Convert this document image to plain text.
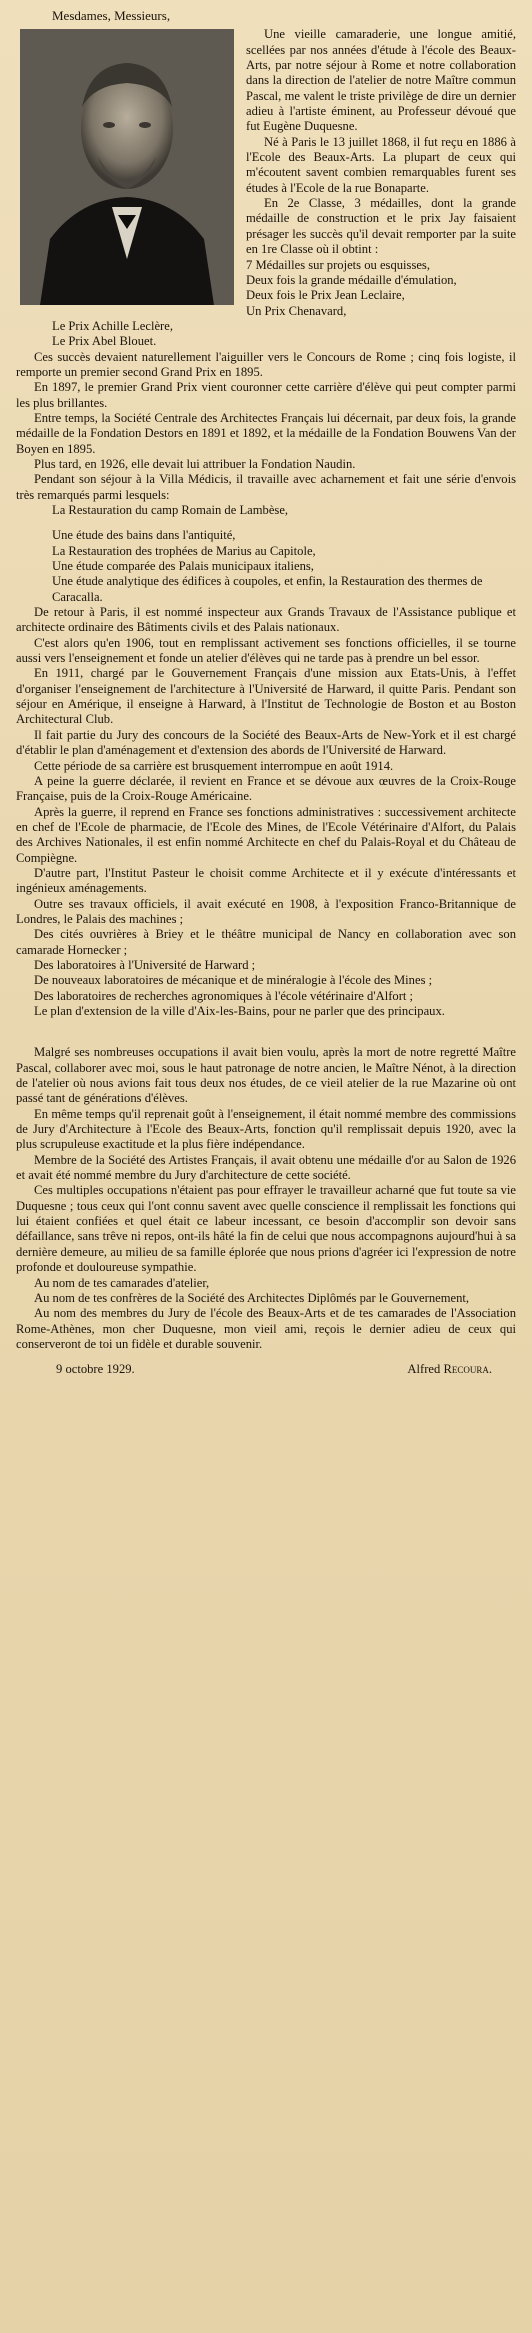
Mesdames, Messieurs,

Une vieille camaraderie, une longue amitié, scellées par nos années d'étude à l'école des Beaux-Arts, par notre séjour à Rome et notre collaboration dans la direction de l'atelier de notre Maître commun Pascal, me valent le triste privilège de dire un dernier adieu à l'artiste éminent, au Professeur dévoué que fut Eugène Duquesne.

Né à Paris le 13 juillet 1868, il fut reçu en 1886 à l'Ecole des Beaux-Arts. La plupart de ceux qui m'écoutent savent combien remarquables furent ses études à l'Ecole de la rue Bonaparte.

En 2e Classe, 3 médailles, dont la grande médaille de construction et le prix Jay faisaient présager les succès qu'il devait remporter par la suite en 1re Classe où il obtint :

7 Médailles sur projets ou esquisses,
Deux fois la grande médaille d'émulation,
Deux fois le Prix Jean Leclaire,
Un Prix Chenavard,
Le Prix Achille Leclère,
Le Prix Abel Blouet.

Ces succès devaient naturellement l'aiguiller vers le Concours de Rome ; cinq fois logiste, il remporte un premier second Grand Prix en 1895.

En 1897, le premier Grand Prix vient couronner cette carrière d'élève qui peut compter parmi les plus brillantes.

Entre temps, la Société Centrale des Architectes Français lui décernait, par deux fois, la grande médaille de la Fondation Destors en 1891 et 1892, et la médaille de la Fondation Bouwens Van der Boyen en 1895.

Plus tard, en 1926, elle devait lui attribuer la Fondation Naudin.

Pendant son séjour à la Villa Médicis, il travaille avec acharnement et fait une série d'envois très remarqués parmi lesquels:

La Restauration du camp Romain de Lambèse,
Une étude des bains dans l'antiquité,
La Restauration des trophées de Marius au Capitole,
Une étude comparée des Palais municipaux italiens,
Une étude analytique des édifices à coupoles, et enfin, la Restauration des thermes de Caracalla.

De retour à Paris, il est nommé inspecteur aux Grands Travaux de l'Assistance publique et architecte ordinaire des Bâtiments civils et des Palais nationaux.

C'est alors qu'en 1906, tout en remplissant activement ses fonctions officielles, il se tourne aussi vers l'enseignement et fonde un atelier d'élèves qui ne tarde pas à prendre un bel essor.

En 1911, chargé par le Gouvernement Français d'une mission aux Etats-Unis, à l'effet d'organiser l'enseignement de l'architecture à l'Université de Harward, il quitte Paris. Pendant son séjour en Amérique, il enseigne à Harward, à l'Institut de Technologie de Boston et au Boston Architectural Club.

Il fait partie du Jury des concours de la Société des Beaux-Arts de New-York et il est chargé d'établir le plan d'aménagement et d'extension des abords de l'Université de Harward.

Cette période de sa carrière est brusquement interrompue en août 1914.

A peine la guerre déclarée, il revient en France et se dévoue aux œuvres de la Croix-Rouge Française, puis de la Croix-Rouge Américaine.

Après la guerre, il reprend en France ses fonctions administratives : successivement architecte en chef de l'Ecole de pharmacie, de l'Ecole des Mines, de l'Ecole Vétérinaire d'Alfort, du Palais des Archives Nationales, il est enfin nommé Architecte en chef du Palais-Royal et du Château de Compiègne.

D'autre part, l'Institut Pasteur le choisit comme Architecte et il y exécute d'intéressants et ingénieux aménagements.

Outre ses travaux officiels, il avait exécuté en 1908, à l'exposition Franco-Britannique de Londres, le Palais des machines ;

Des cités ouvrières à Briey et le théâtre municipal de Nancy en collaboration avec son camarade Hornecker ;

Des laboratoires à l'Université de Harward ;

De nouveaux laboratoires de mécanique et de minéralogie à l'école des Mines ;

Des laboratoires de recherches agronomiques à l'école vétérinaire d'Alfort ;

Le plan d'extension de la ville d'Aix-les-Bains, pour ne parler que des principaux.

Malgré ses nombreuses occupations il avait bien voulu, après la mort de notre regretté Maître Pascal, collaborer avec moi, sous le haut patronage de notre ancien, le Maître Nénot, à la direction de l'atelier où nous avions fait tous deux nos études, de ce vieil atelier de la rue Mazarine où ont passé tant de générations d'élèves.

En même temps qu'il reprenait goût à l'enseignement, il était nommé membre des commissions de Jury d'Architecture à l'Ecole des Beaux-Arts, fonction qu'il remplissait depuis 1920, avec la plus scrupuleuse exactitude et la plus fière indépendance.

Membre de la Société des Artistes Français, il avait obtenu une médaille d'or au Salon de 1926 et avait été nommé membre du Jury d'architecture de cette société.

Ces multiples occupations n'étaient pas pour effrayer le travailleur acharné que fut toute sa vie Duquesne ; tous ceux qui l'ont connu savent avec quelle conscience il remplissait les fonctions qui lui étaient confiées et quel était ce labeur incessant, ce besoin d'accomplir son devoir sans défaillance, sans trêve ni repos, ont-ils hâté la fin de celui que nous accompagnons aujourd'hui à sa dernière demeure, au milieu de sa famille éplorée que nous prions d'agréer ici l'expression de notre profonde et douloureuse sympathie.

Au nom de tes camarades d'atelier,

Au nom de tes confrères de la Société des Architectes Diplômés par le Gouvernement,

Au nom des membres du Jury de l'école des Beaux-Arts et de tes camarades de l'Association Rome-Athènes, mon cher Duquesne, mon vieil ami, reçois le dernier adieu de ceux qui conserveront de toi un fidèle et durable souvenir.

9 octobre 1929.	Alfred Recoura.
